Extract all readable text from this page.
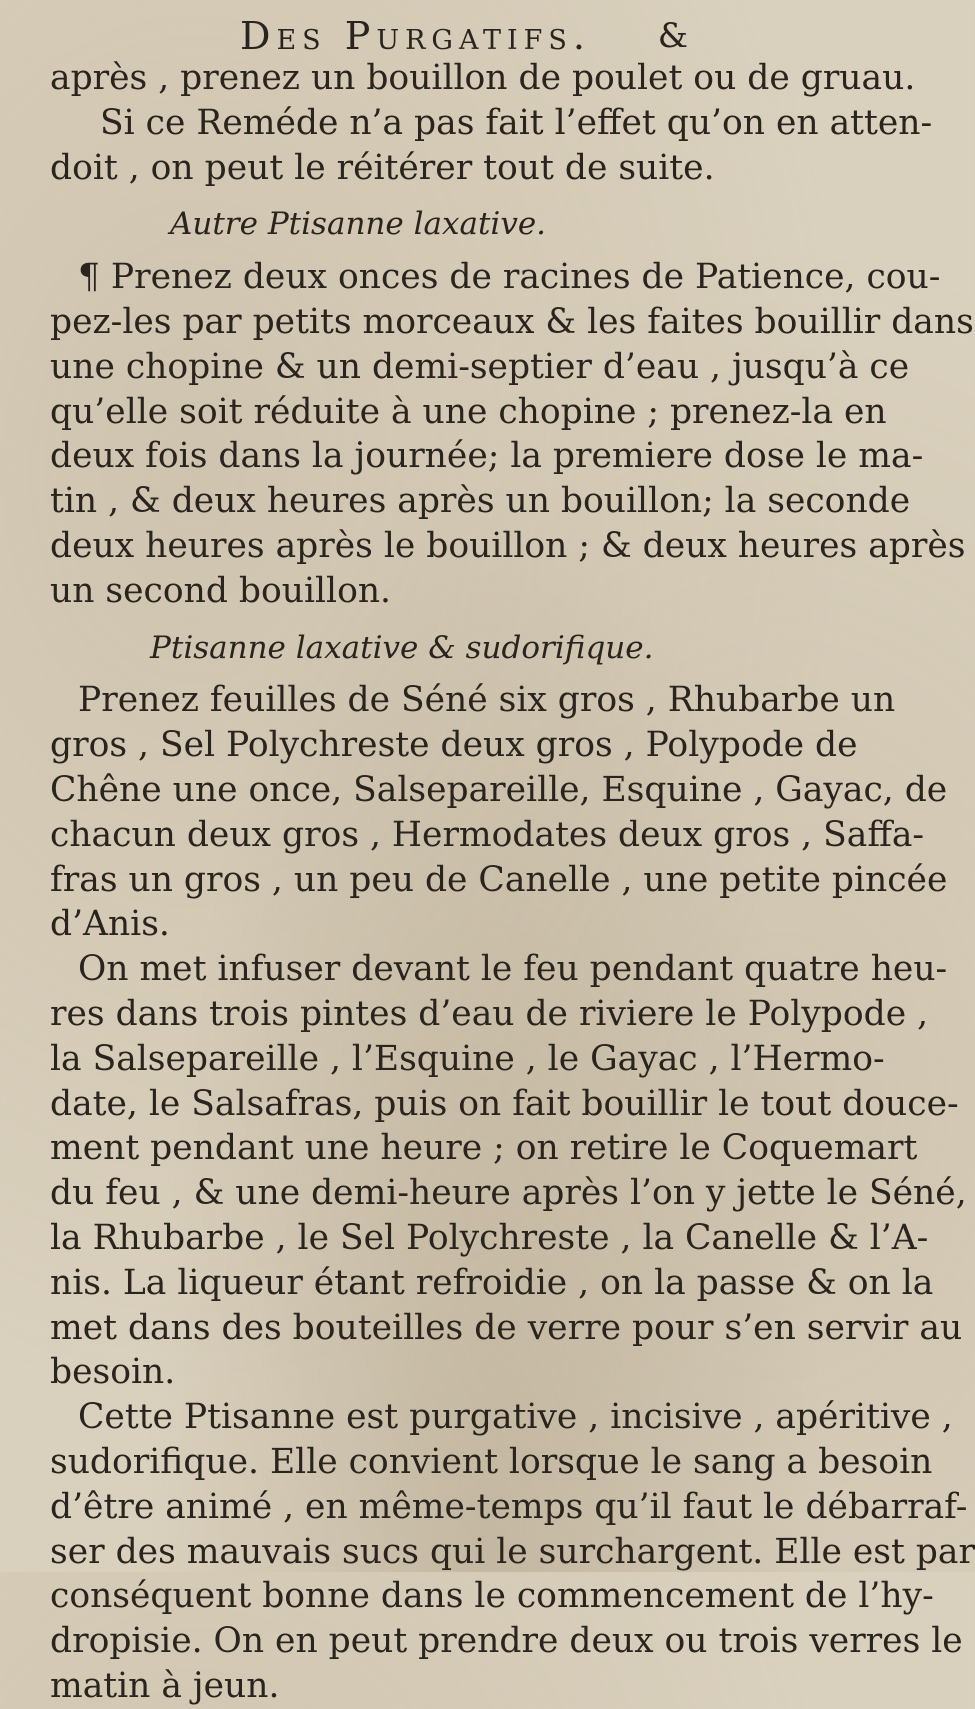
Des Purgatifs. &
après , prenez un bouillon de poulet ou de gruau.
Si ce Reméde n’a pas fait l’effet qu’on en atten-
doit , on peut le réitérer tout de suite.
Autre Ptisanne laxative.
¶ Prenez deux onces de racines de Patience, cou-
pez-les par petits morceaux & les faites bouillir dans
une chopine & un demi-septier d’eau , jusqu’à ce
qu’elle soit réduite à une chopine ; prenez-la en
deux fois dans la journée; la premiere dose le ma-
tin , & deux heures après un bouillon; la seconde
deux heures après le bouillon ; & deux heures après
un second bouillon.
Ptisanne laxative & sudorifique.
Prenez feuilles de Séné six gros , Rhubarbe un
gros , Sel Polychreste deux gros , Polypode de
Chêne une once, Salsepareille, Esquine , Gayac, de
chacun deux gros , Hermodates deux gros , Saffa-
fras un gros , un peu de Canelle , une petite pincée
d’Anis.
On met infuser devant le feu pendant quatre heu-
res dans trois pintes d’eau de riviere le Polypode ,
la Salsepareille , l’Esquine , le Gayac , l’Hermo-
date, le Salsafras, puis on fait bouillir le tout douce-
ment pendant une heure ; on retire le Coquemart
du feu , & une demi-heure après l’on y jette le Séné,
la Rhubarbe , le Sel Polychreste , la Canelle & l’A-
nis. La liqueur étant refroidie , on la passe & on la
met dans des bouteilles de verre pour s’en servir au
besoin.
Cette Ptisanne est purgative , incisive , apéritive ,
sudorifique. Elle convient lorsque le sang a besoin
d’être animé , en même-temps qu’il faut le débarraf-
ser des mauvais sucs qui le surchargent. Elle est par
conséquent bonne dans le commencement de l’hy-
dropisie. On en peut prendre deux ou trois verres le
matin à jeun.
